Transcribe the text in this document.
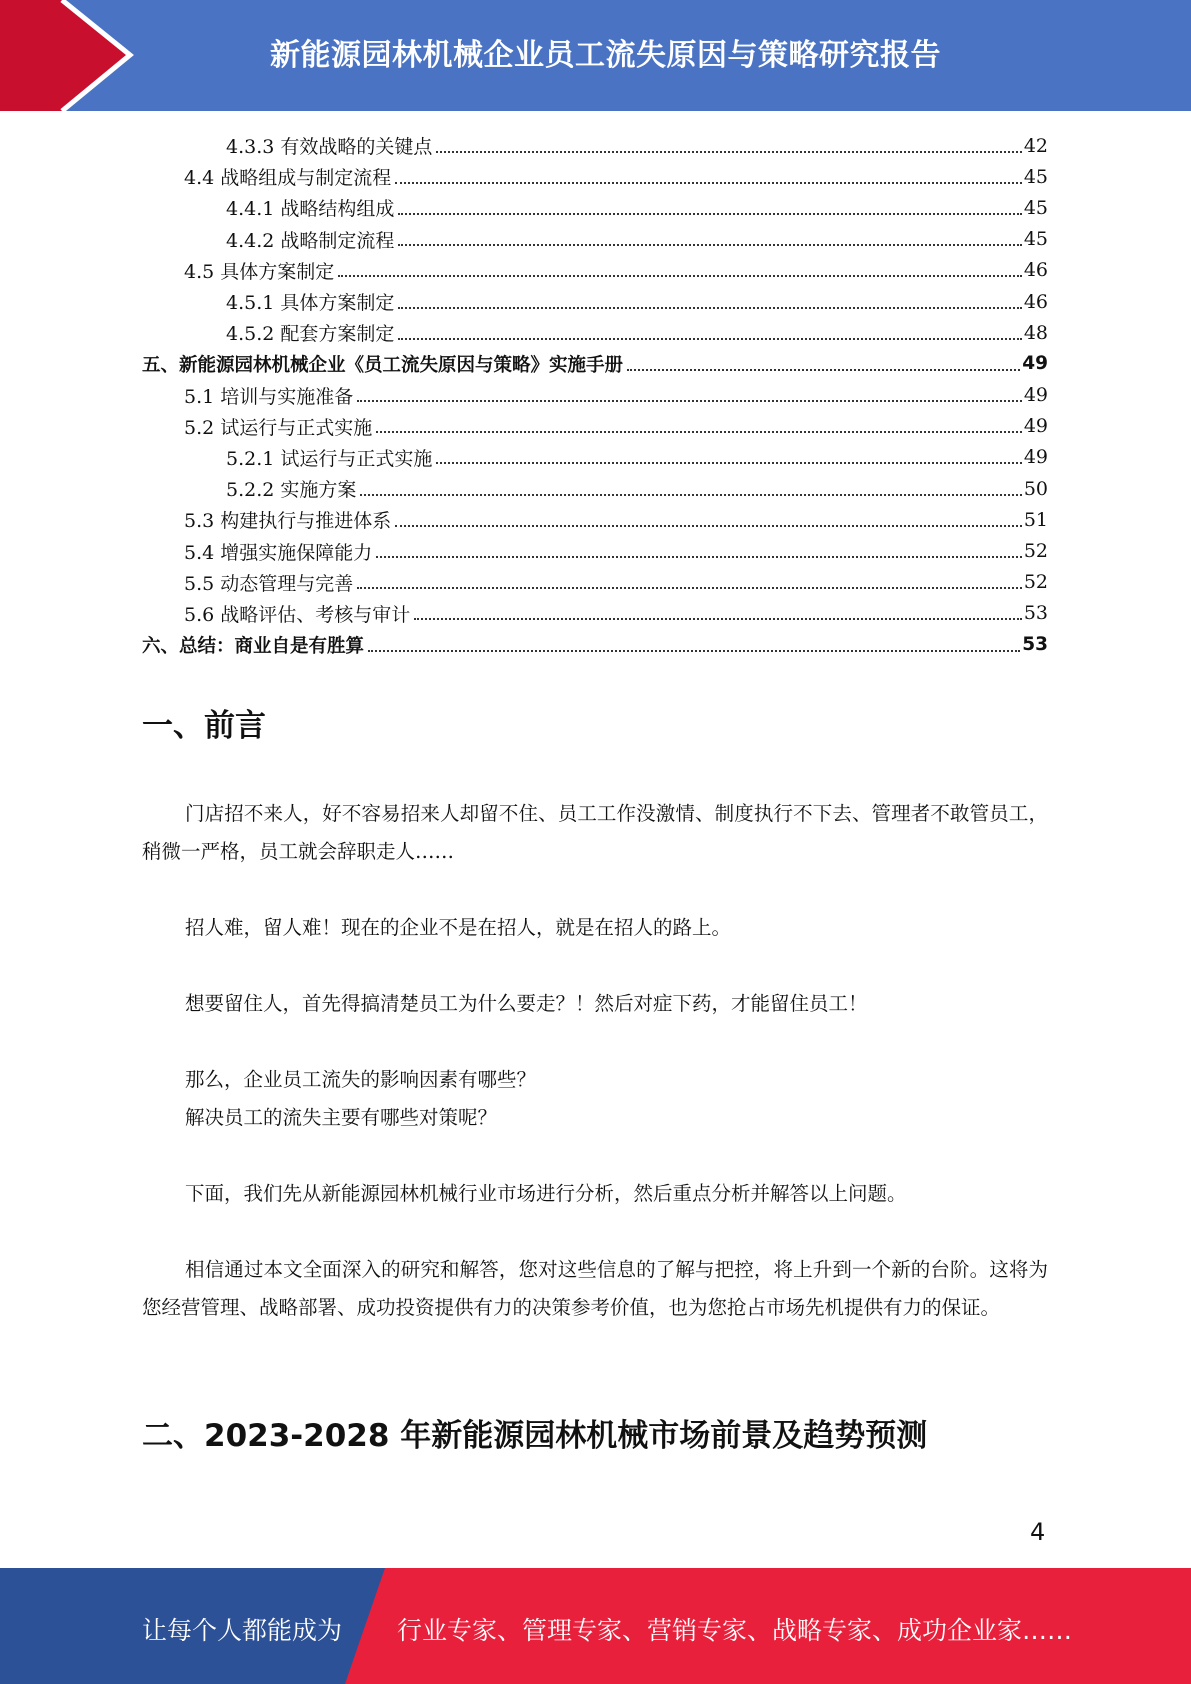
新能源园林机械企业员工流失原因与策略研究报告
4.3.3 有效战略的关键点	42
4.4 战略组成与制定流程	45
4.4.1 战略结构组成	45
4.4.2 战略制定流程	45
4.5 具体方案制定	46
4.5.1 具体方案制定	46
4.5.2 配套方案制定	48
五、新能源园林机械企业《员工流失原因与策略》实施手册	49
5.1 培训与实施准备	49
5.2 试运行与正式实施	49
5.2.1 试运行与正式实施	49
5.2.2 实施方案	50
5.3 构建执行与推进体系	51
5.4 增强实施保障能力	52
5.5 动态管理与完善	52
5.6 战略评估、考核与审计	53
六、总结：商业自是有胜算	53
一、前言
门店招不来人，好不容易招来人却留不住、员工工作没激情、制度执行不下去、管理者不敢管员工，稍微一严格，员工就会辞职走人……
招人难，留人难！现在的企业不是在招人，就是在招人的路上。
想要留住人，首先得搞清楚员工为什么要走？！然后对症下药，才能留住员工！
那么，企业员工流失的影响因素有哪些？
解决员工的流失主要有哪些对策呢？
下面，我们先从新能源园林机械行业市场进行分析，然后重点分析并解答以上问题。
相信通过本文全面深入的研究和解答，您对这些信息的了解与把控，将上升到一个新的台阶。这将为您经营管理、战略部署、成功投资提供有力的决策参考价值，也为您抢占市场先机提供有力的保证。
二、2023-2028 年新能源园林机械市场前景及趋势预测
4
让每个人都能成为 行业专家、管理专家、营销专家、战略专家、成功企业家……
